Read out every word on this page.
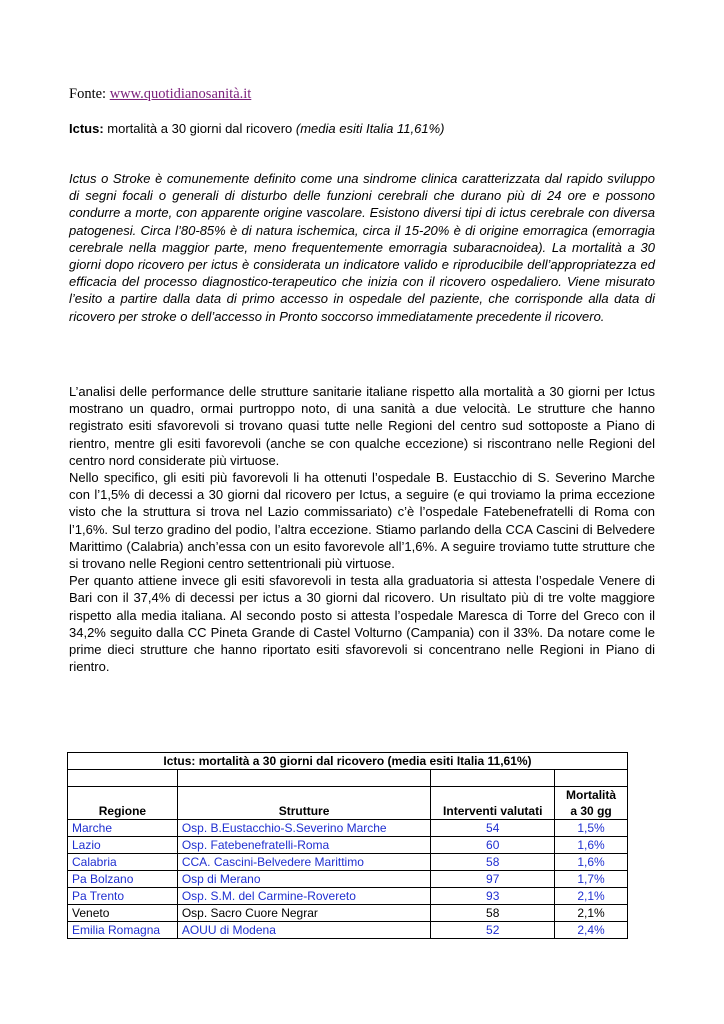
Fonte: www.quotidianosanità.it
Ictus: mortalità a 30 giorni dal ricovero (media esiti Italia 11,61%)

Ictus o Stroke è comunemente definito come una sindrome clinica caratterizzata dal rapido sviluppo di segni focali o generali di disturbo delle funzioni cerebrali che durano più di 24 ore e possono condurre a morte, con apparente origine vascolare. Esistono diversi tipi di ictus cerebrale con diversa patogenesi. Circa l’80-85% è di natura ischemica, circa il 15-20% è di origine emorragica (emorragia cerebrale nella maggior parte, meno frequentemente emorragia subaracnoidea). La mortalità a 30 giorni dopo ricovero per ictus è considerata un indicatore valido e riproducibile dell’appropriatezza ed efficacia del processo diagnostico-terapeutico che inizia con il ricovero ospedaliero. Viene misurato l’esito a partire dalla data di primo accesso in ospedale del paziente, che corrisponde alla data di ricovero per stroke o dell’accesso in Pronto soccorso immediatamente precedente il ricovero.

L’analisi delle performance delle strutture sanitarie italiane rispetto alla mortalità a 30 giorni per Ictus mostrano un quadro, ormai purtroppo noto, di una sanità a due velocità. Le strutture che hanno registrato esiti sfavorevoli si trovano quasi tutte nelle Regioni del centro sud sottoposte a Piano di rientro, mentre gli esiti favorevoli (anche se con qualche eccezione) si riscontrano nelle Regioni del centro nord considerate più virtuose.

Nello specifico, gli esiti più favorevoli li ha ottenuti l’ospedale B. Eustacchio di S. Severino Marche con l’1,5% di decessi a 30 giorni dal ricovero per Ictus, a seguire (e qui troviamo la prima eccezione visto che la struttura si trova nel Lazio commissariato) c’è l’ospedale Fatebenefratelli di Roma con l’1,6%. Sul terzo gradino del podio, l’altra eccezione. Stiamo parlando della CCA Cascini di Belvedere Marittimo (Calabria) anch’essa con un esito favorevole all’1,6%. A seguire troviamo tutte strutture che si trovano nelle Regioni centro settentrionali più virtuose.

Per quanto attiene invece gli esiti sfavorevoli in testa alla graduatoria si attesta l’ospedale Venere di Bari con il 37,4% di decessi per ictus a 30 giorni dal ricovero. Un risultato più di tre volte maggiore rispetto alla media italiana. Al secondo posto si attesta l’ospedale Maresca di Torre del Greco con il 34,2% seguito dalla CC Pineta Grande di Castel Volturno (Campania) con il 33%. Da notare come le prime dieci strutture che hanno riportato esiti sfavorevoli si concentrano nelle Regioni in Piano di rientro.

Ictus: mortalità a 30 giorni dal ricovero (media esiti Italia 11,61%)			

Regione	Strutture	Interventi valutati	Mortalità
a 30 gg
Marche	Osp. B.Eustacchio-S.Severino Marche	54	1,5%
Lazio	Osp. Fatebenefratelli-Roma	60	1,6%
Calabria	CCA. Cascini-Belvedere Marittimo	58	1,6%
Pa Bolzano	Osp di Merano	97	1,7%
Pa Trento	Osp. S.M. del Carmine-Rovereto	93	2,1%
Veneto	Osp. Sacro Cuore Negrar	58	2,1%
Emilia Romagna	AOUU di Modena	52	2,4%
